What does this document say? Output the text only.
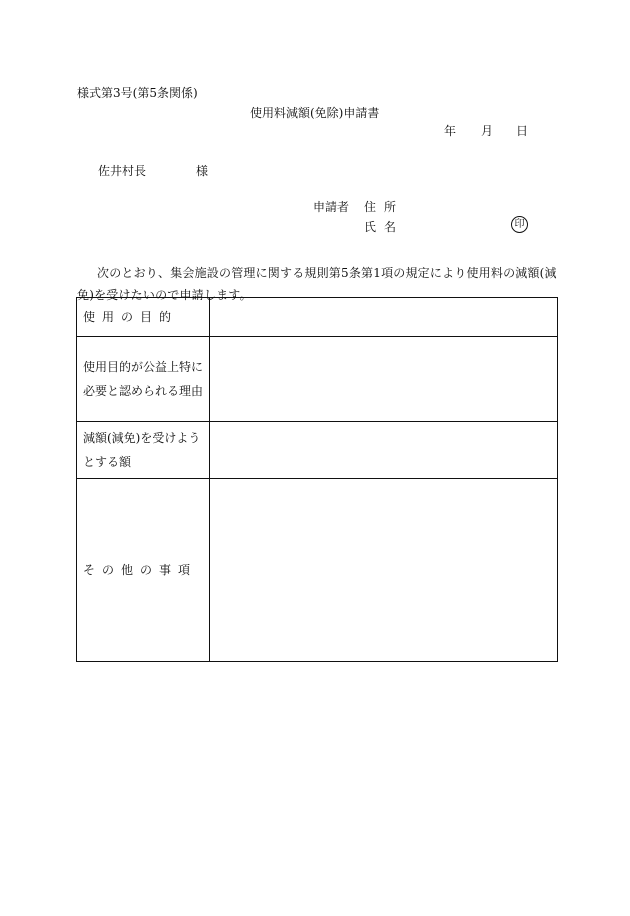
様式第3号(第5条関係)
使用料減額(免除)申請書
年 月 日
佐井村長	様
申請者 住所
氏名	印

次のとおり、集会施設の管理に関する規則第5条第1項の規定により使用料の減額(減免)を受けたいので申請します。

使用の目的	
使用目的が公益上特に必要と認められる理由	
減額(減免)を受けようとする額	
その他の事項	
